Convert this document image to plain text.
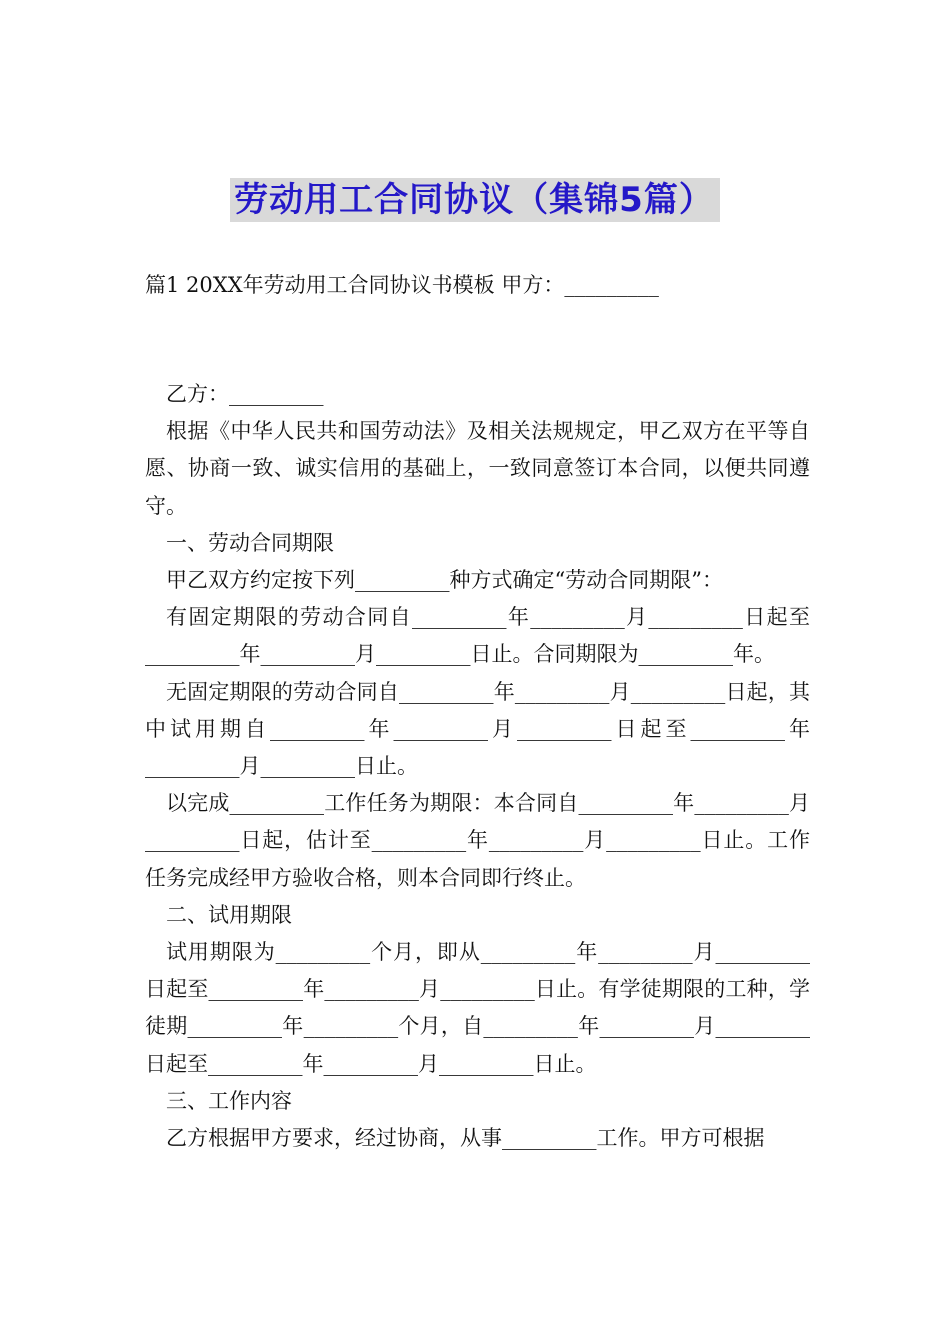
劳动用工合同协议（集锦5篇）
篇1 20XX年劳动用工合同协议书模板 甲方：_________

乙方：_________

根据《中华人民共和国劳动法》及相关法规规定，甲乙双方在平等自愿、协商一致、诚实信用的基础上，一致同意签订本合同，以便共同遵守。

一、劳动合同期限

甲乙双方约定按下列_________种方式确定“劳动合同期限”：

有固定期限的劳动合同自_________年_________月_________日起至_________年_________月_________日止。合同期限为_________年。

无固定期限的劳动合同自_________年_________月_________日起，其中试用期自_________年_________月_________日起至_________年_________月_________日止。

以完成_________工作任务为期限：本合同自_________年_________月_________日起，估计至_________年_________月_________日止。工作任务完成经甲方验收合格，则本合同即行终止。

二、试用期限

试用期限为_________个月，即从_________年_________月_________日起至_________年_________月_________日止。有学徒期限的工种，学徒期_________年_________个月，自_________年_________月_________日起至_________年_________月_________日止。

三、工作内容

乙方根据甲方要求，经过协商，从事_________工作。甲方可根据
